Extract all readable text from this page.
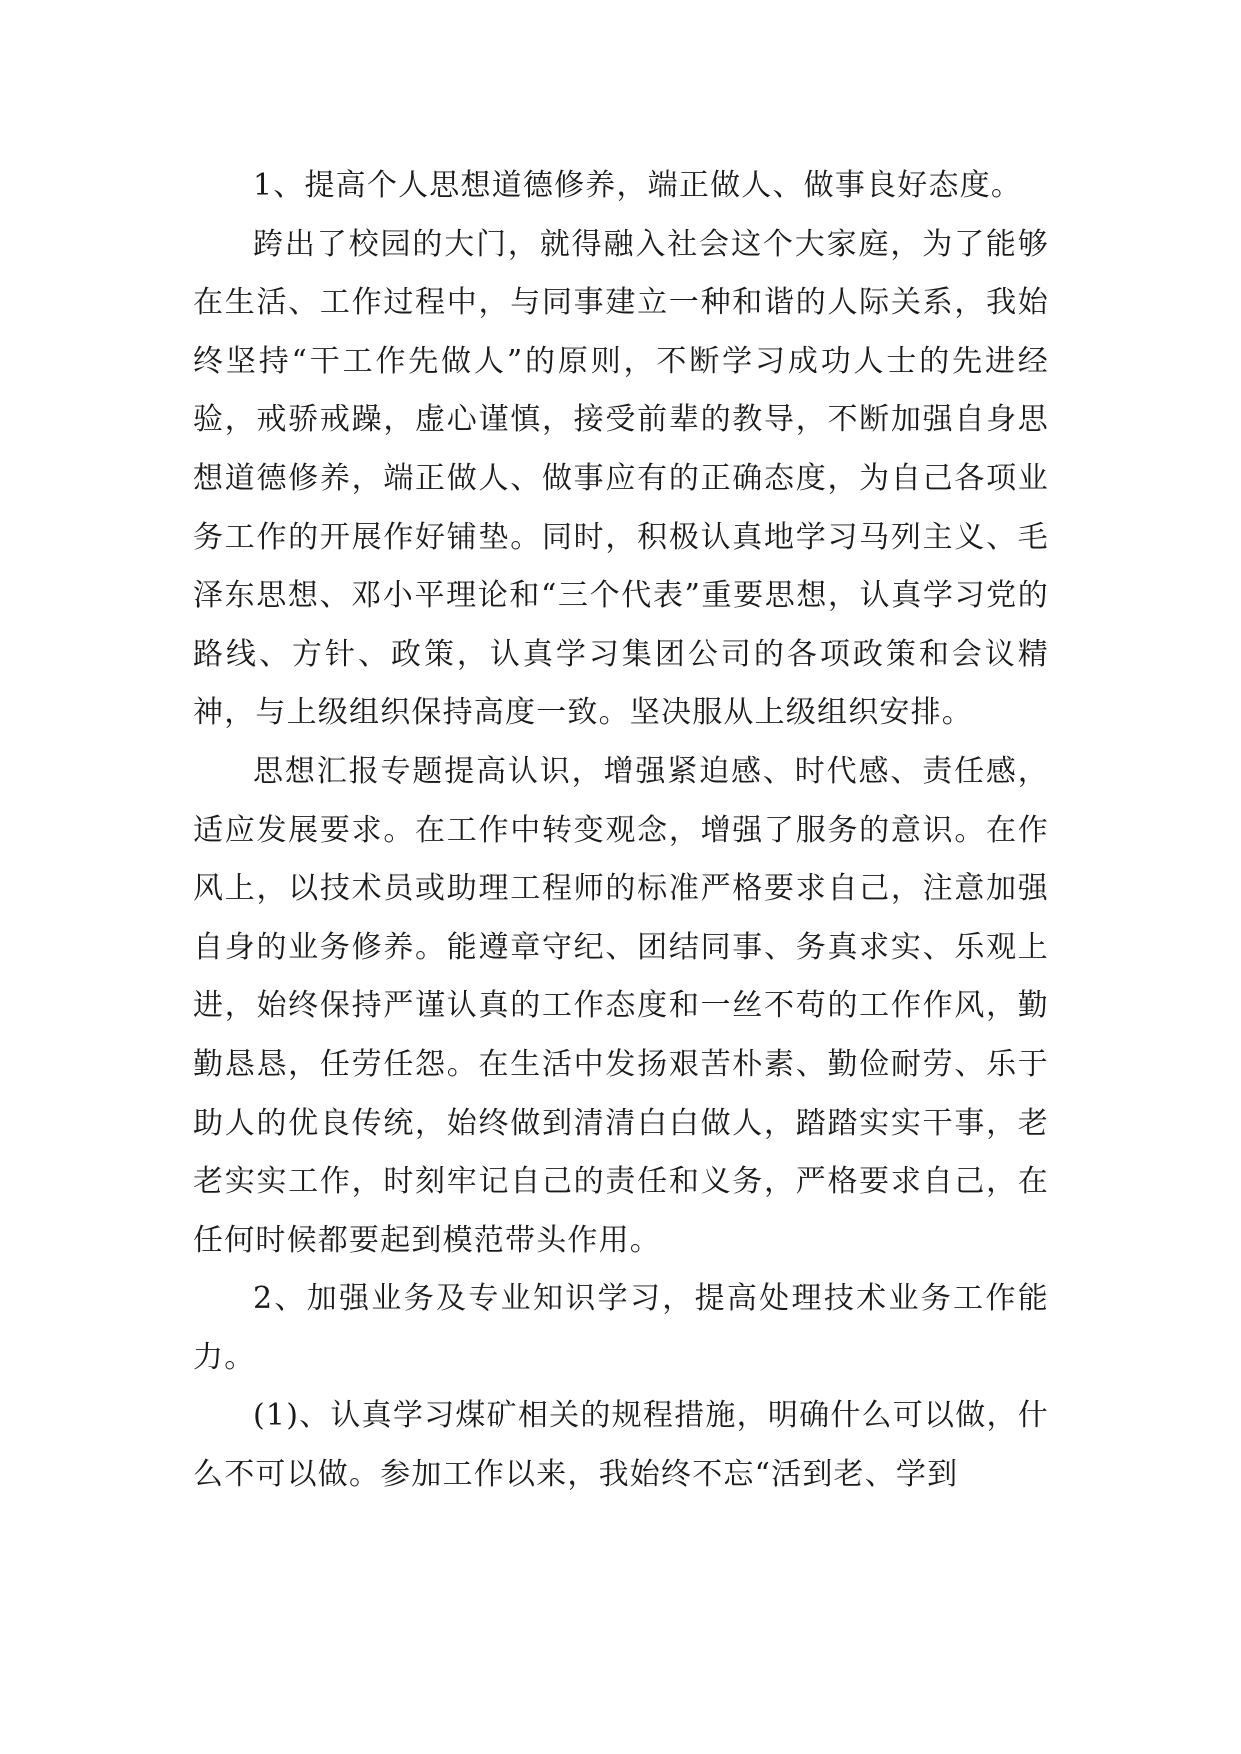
1、提高个人思想道德修养，端正做人、做事良好态度。

跨出了校园的大门，就得融入社会这个大家庭，为了能够在生活、工作过程中，与同事建立一种和谐的人际关系，我始终坚持“干工作先做人”的原则，不断学习成功人士的先进经验，戒骄戒躁，虚心谨慎，接受前辈的教导，不断加强自身思想道德修养，端正做人、做事应有的正确态度，为自己各项业务工作的开展作好铺垫。同时，积极认真地学习马列主义、毛泽东思想、邓小平理论和“三个代表”重要思想，认真学习党的路线、方针、政策，认真学习集团公司的各项政策和会议精神，与上级组织保持高度一致。坚决服从上级组织安排。

思想汇报专题提高认识，增强紧迫感、时代感、责任感，适应发展要求。在工作中转变观念，增强了服务的意识。在作风上，以技术员或助理工程师的标准严格要求自己，注意加强自身的业务修养。能遵章守纪、团结同事、务真求实、乐观上进，始终保持严谨认真的工作态度和一丝不苟的工作作风，勤勤恳恳，任劳任怨。在生活中发扬艰苦朴素、勤俭耐劳、乐于助人的优良传统，始终做到清清白白做人，踏踏实实干事，老老实实工作，时刻牢记自己的责任和义务，严格要求自己，在任何时候都要起到模范带头作用。

2、加强业务及专业知识学习，提高处理技术业务工作能力。

(1)、认真学习煤矿相关的规程措施，明确什么可以做，什么不可以做。参加工作以来，我始终不忘“活到老、学到
